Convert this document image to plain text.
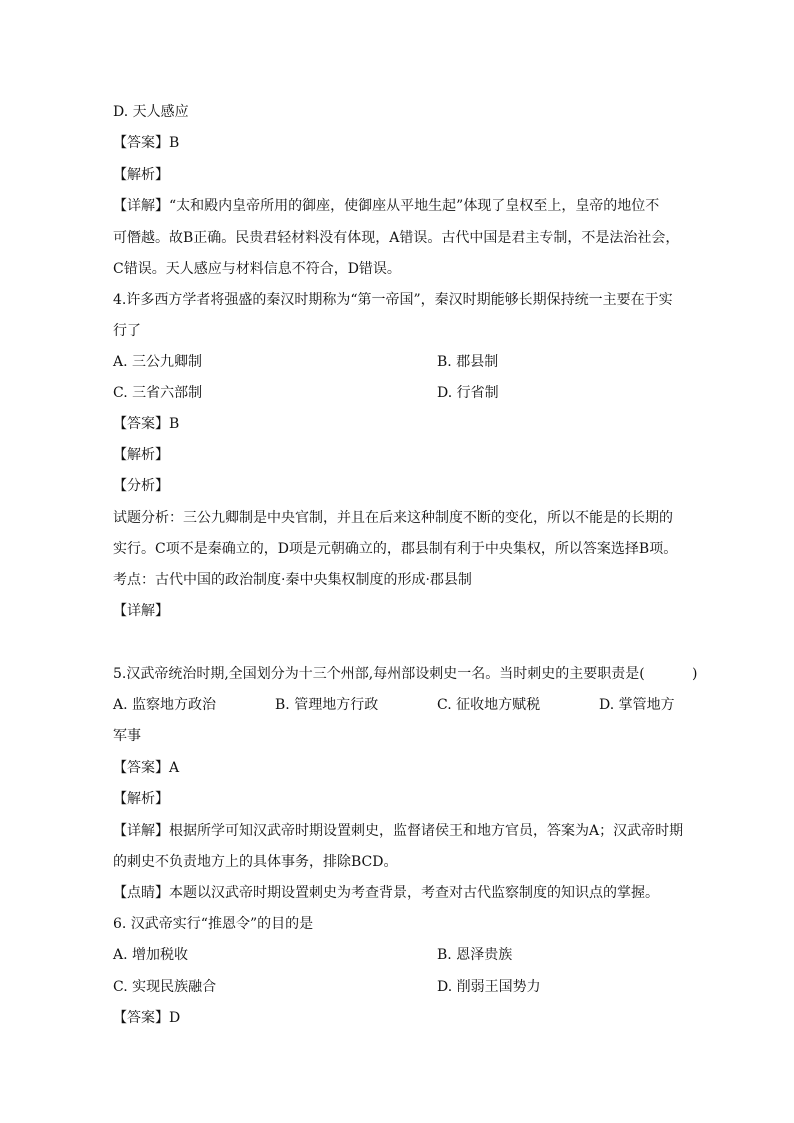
D. 天人感应
【答案】B
【解析】
【详解】“太和殿内皇帝所用的御座，使御座从平地生起”体现了皇权至上，皇帝的地位不
可僭越。故B正确。民贵君轻材料没有体现，A错误。古代中国是君主专制，不是法治社会，
C错误。天人感应与材料信息不符合，D错误。
4.许多西方学者将强盛的秦汉时期称为“第一帝国”，秦汉时期能够长期保持统一主要在于实
行了
A. 三公九卿制	B. 郡县制
C. 三省六部制	D. 行省制
【答案】B
【解析】
【分析】
试题分析：三公九卿制是中央官制，并且在后来这种制度不断的变化，所以不能是的长期的
实行。C项不是秦确立的，D项是元朝确立的，郡县制有利于中央集权，所以答案选择B项。
考点：古代中国的政治制度·秦中央集权制度的形成·郡县制
【详解】
5.汉武帝统治时期,全国划分为十三个州部,每州部设刺史一名。当时刺史的主要职责是(	)
A. 监察地方政治	B. 管理地方行政	C. 征收地方赋税	D. 掌管地方
军事
【答案】A
【解析】
【详解】根据所学可知汉武帝时期设置刺史，监督诸侯王和地方官员，答案为A；汉武帝时期
的刺史不负责地方上的具体事务，排除BCD。
【点睛】本题以汉武帝时期设置刺史为考查背景，考查对古代监察制度的知识点的掌握。
6. 汉武帝实行“推恩令”的目的是
A. 增加税收	B. 恩泽贵族
C. 实现民族融合	D. 削弱王国势力
【答案】D
